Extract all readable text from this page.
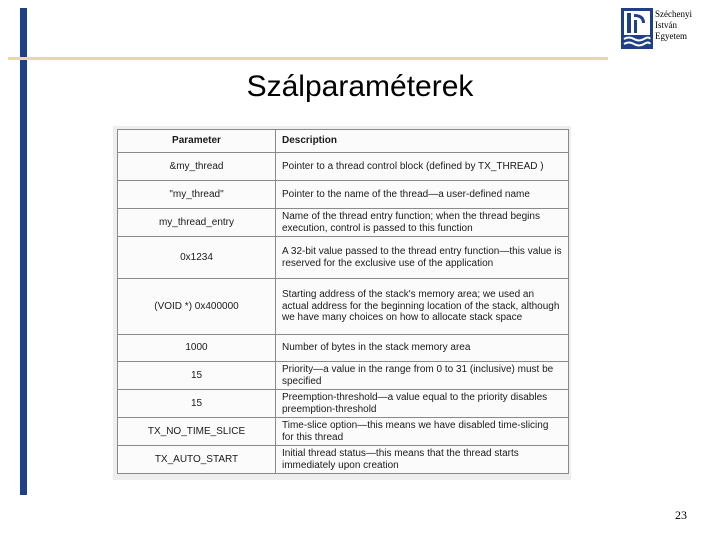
Széchenyi
István
Egyetem
Szálparaméterek
Parameter	Description
&my_thread	Pointer to a thread control block (defined by TX_THREAD )
"my_thread"	Pointer to the name of the thread—a user-defined name
my_thread_entry	Name of the thread entry function; when the thread begins execution, control is passed to this function
0x1234	A 32-bit value passed to the thread entry function—this value is reserved for the exclusive use of the application
(VOID *) 0x400000	Starting address of the stack's memory area; we used an actual address for the beginning location of the stack, although we have many choices on how to allocate stack space
1000	Number of bytes in the stack memory area
15	Priority—a value in the range from 0 to 31 (inclusive) must be specified
15	Preemption-threshold—a value equal to the priority disables preemption-threshold
TX_NO_TIME_SLICE	Time-slice option—this means we have disabled time-slicing for this thread
TX_AUTO_START	Initial thread status—this means that the thread starts immediately upon creation
23
